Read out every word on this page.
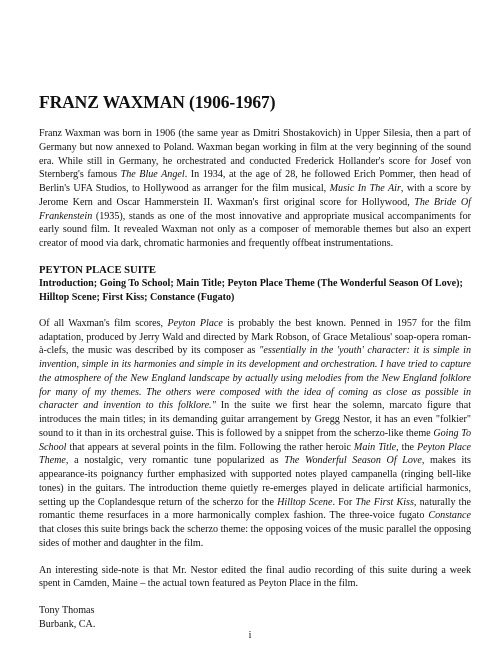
FRANZ WAXMAN (1906-1967)

Franz Waxman was born in 1906 (the same year as Dmitri Shostakovich) in Upper Silesia, then a part of Germany but now annexed to Poland. Waxman began working in film at the very beginning of the sound era. While still in Germany, he orchestrated and conducted Frederick Hollander's score for Josef von Sternberg's famous The Blue Angel. In 1934, at the age of 28, he followed Erich Pommer, then head of Berlin's UFA Studios, to Hollywood as arranger for the film musical, Music In The Air, with a score by Jerome Kern and Oscar Hammerstein II. Waxman's first original score for Hollywood, The Bride Of Frankenstein (1935), stands as one of the most innovative and appropriate musical accompaniments for early sound film. It revealed Waxman not only as a composer of memorable themes but also an expert creator of mood via dark, chromatic harmonies and frequently offbeat instrumentations.

PEYTON PLACE SUITE
Introduction; Going To School; Main Title; Peyton Place Theme (The Wonderful Season Of Love); Hilltop Scene; First Kiss; Constance (Fugato)

Of all Waxman's film scores, Peyton Place is probably the best known. Penned in 1957 for the film adaptation, produced by Jerry Wald and directed by Mark Robson, of Grace Metalious' soap-opera roman-à-clefs, the music was described by its composer as "essentially in the 'youth' character: it is simple in invention, simple in its harmonies and simple in its development and orchestration. I have tried to capture the atmosphere of the New England landscape by actually using melodies from the New England folklore for many of my themes. The others were composed with the idea of coming as close as possible in character and invention to this folklore." In the suite we first hear the solemn, marcato figure that introduces the main titles; in its demanding guitar arrangement by Gregg Nestor, it has an even "folkier" sound to it than in its orchestral guise. This is followed by a snippet from the scherzo-like theme Going To School that appears at several points in the film. Following the rather heroic Main Title, the Peyton Place Theme, a nostalgic, very romantic tune popularized as The Wonderful Season Of Love, makes its appearance-its poignancy further emphasized with supported notes played campanella (ringing bell-like tones) in the guitars. The introduction theme quietly re-emerges played in delicate artificial harmonics, setting up the Coplandesque return of the scherzo for the Hilltop Scene. For The First Kiss, naturally the romantic theme resurfaces in a more harmonically complex fashion. The three-voice fugato Constance that closes this suite brings back the scherzo theme: the opposing voices of the music parallel the opposing sides of mother and daughter in the film.

An interesting side-note is that Mr. Nestor edited the final audio recording of this suite during a week spent in Camden, Maine – the actual town featured as Peyton Place in the film.

Tony Thomas
Burbank, CA.
i
